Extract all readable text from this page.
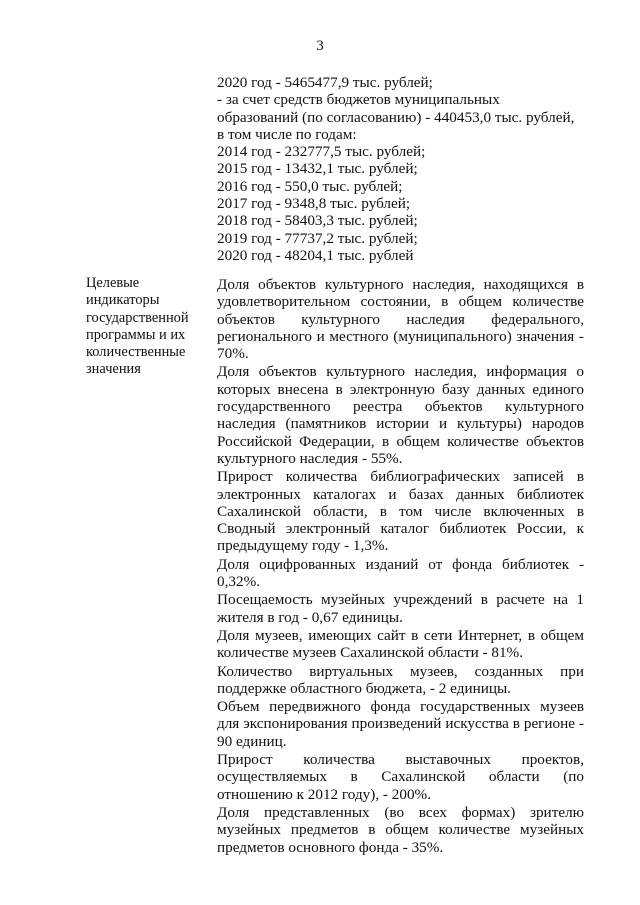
3
2020 год - 5465477,9 тыс. рублей;
- за счет средств бюджетов муниципальных образований (по согласованию) - 440453,0 тыс. рублей, в том числе по годам:
2014 год - 232777,5 тыс. рублей;
2015 год - 13432,1 тыс. рублей;
2016 год - 550,0 тыс. рублей;
2017 год - 9348,8 тыс. рублей;
2018 год - 58403,3 тыс. рублей;
2019 год - 77737,2 тыс. рублей;
2020 год - 48204,1 тыс. рублей
Целевые
индикаторы
государственной
программы и их
количественные
значения
Доля объектов культурного наследия, находящихся в удовлетворительном состоянии, в общем количестве объектов культурного наследия федерального, регионального и местного (муниципального) значения - 70%.
Доля объектов культурного наследия, информация о которых внесена в электронную базу данных единого государственного реестра объектов культурного наследия (памятников истории и культуры) народов Российской Федерации, в общем количестве объектов культурного наследия - 55%.
Прирост количества библиографических записей в электронных каталогах и базах данных библиотек Сахалинской области, в том числе включенных в Сводный электронный каталог библиотек России, к предыдущему году - 1,3%.
Доля оцифрованных изданий от фонда библиотек - 0,32%.
Посещаемость музейных учреждений в расчете на 1 жителя в год - 0,67 единицы.
Доля музеев, имеющих сайт в сети Интернет, в общем количестве музеев Сахалинской области - 81%.
Количество виртуальных музеев, созданных при поддержке областного бюджета, - 2 единицы.
Объем передвижного фонда государственных музеев для экспонирования произведений искусства в регионе - 90 единиц.
Прирост количества выставочных проектов, осуществляемых в Сахалинской области (по отношению к 2012 году), - 200%.
Доля представленных (во всех формах) зрителю музейных предметов в общем количестве музейных предметов основного фонда - 35%.
